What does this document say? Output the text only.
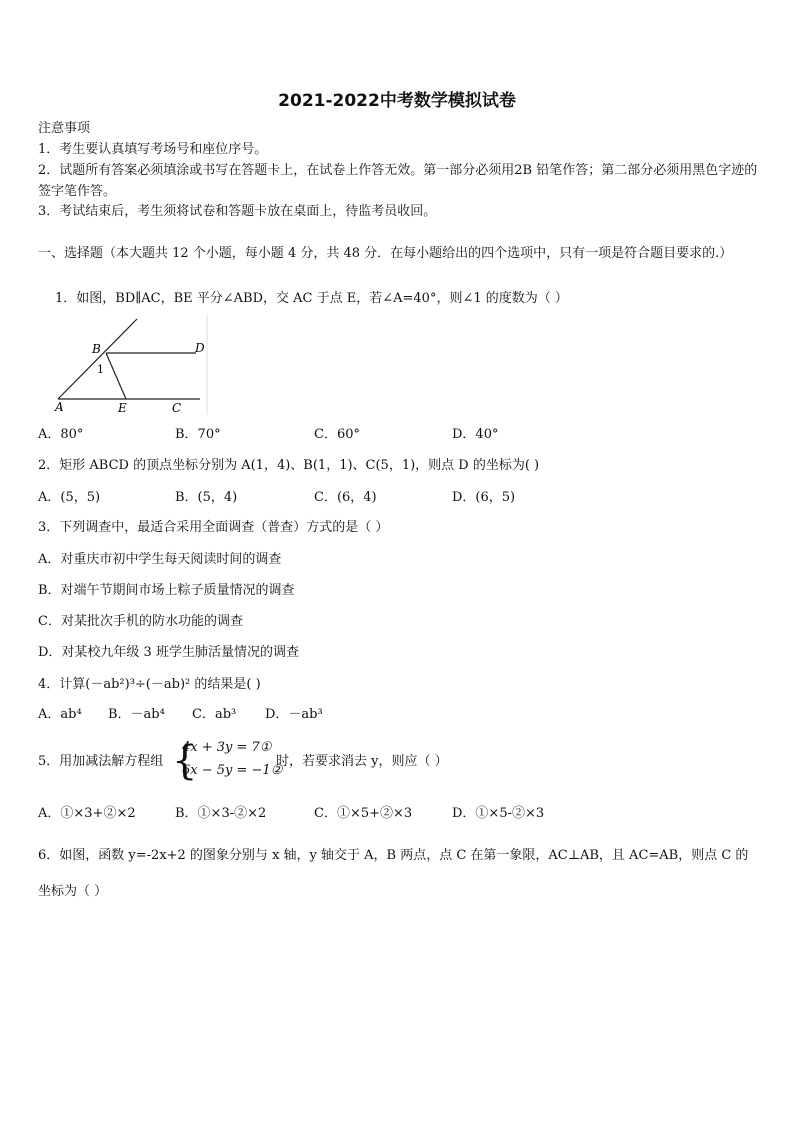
2021-2022中考数学模拟试卷
注意事项
1．考生要认真填写考场号和座位序号。
2．试题所有答案必须填涂或书写在答题卡上，在试卷上作答无效。第一部分必须用2B 铅笔作答；第二部分必须用黑色字迹的签字笔作答。
3．考试结束后，考生须将试卷和答题卡放在桌面上，待监考员收回。
一、选择题（本大题共 12 个小题，每小题 4 分，共 48 分．在每小题给出的四个选项中，只有一项是符合题目要求的.）
1．如图，BD∥AC，BE 平分∠ABD，交 AC 于点 E，若∠A=40°，则∠1 的度数为（ ）
B	D
1
A	E	C
A．80°	B．70°	C．60°	D．40°
2．矩形 ABCD 的顶点坐标分别为 A(1，4)、B(1，1)、C(5，1)，则点 D 的坐标为( )
A．(5，5)	B．(5，4)	C．(6，4)	D．(6，5)
3．下列调查中，最适合采用全面调查（普查）方式的是（ ）
A．对重庆市初中学生每天阅读时间的调查
B．对端午节期间市场上粽子质量情况的调查
C．对某批次手机的防水功能的调查
D．对某校九年级 3 班学生肺活量情况的调查
4．计算(－ab²)³÷(－ab)² 的结果是( )
A．ab⁴ B．－ab⁴ C．ab³ D．－ab³
5．用加减法解方程组 {
4x + 3y = 7①
6x − 5y = −1②
时，若要求消去 y，则应（ ）
A．①×3+②×2	B．①×3-②×2	C．①×5+②×3	D．①×5-②×3
6．如图，函数 y=-2x+2 的图象分别与 x 轴，y 轴交于 A，B 两点，点 C 在第一象限，AC⊥AB，且 AC=AB，则点 C 的
坐标为（ ）
